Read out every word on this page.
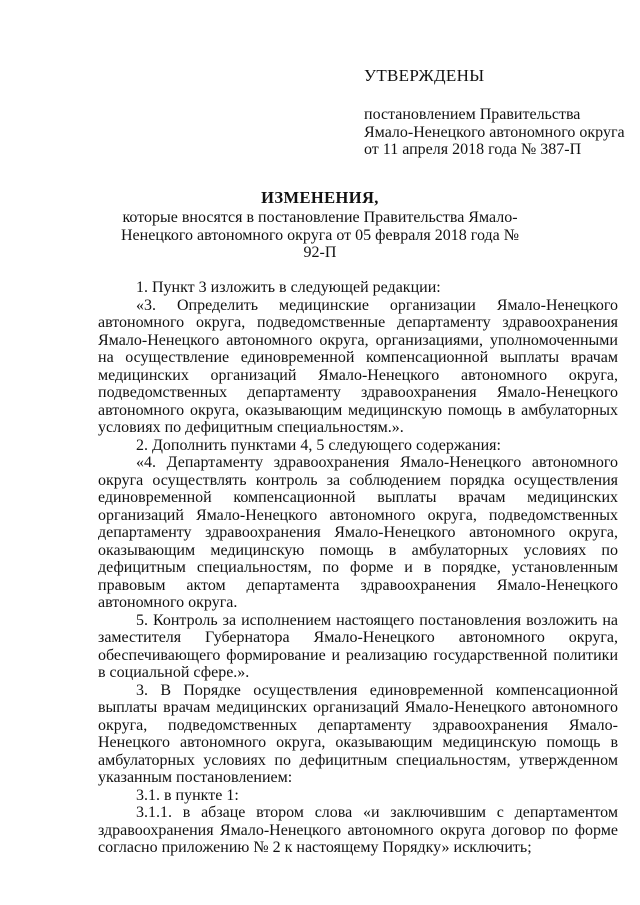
УТВЕРЖДЕНЫ
постановлением Правительства
Ямало-Ненецкого автономного округа
от 11 апреля 2018 года № 387-П
ИЗМЕНЕНИЯ,
которые вносятся в постановление Правительства Ямало-Ненецкого автономного округа от 05 февраля 2018 года № 92-П

1. Пункт 3 изложить в следующей редакции:

«3. Определить медицинские организации Ямало-Ненецкого автономного округа, подведомственные департаменту здравоохранения Ямало-Ненецкого автономного округа, организациями, уполномоченными на осуществление единовременной компенсационной выплаты врачам медицинских организаций Ямало-Ненецкого автономного округа, подведомственных департаменту здравоохранения Ямало-Ненецкого автономного округа, оказывающим медицинскую помощь в амбулаторных условиях по дефицитным специальностям.».

2. Дополнить пунктами 4, 5 следующего содержания:

«4. Департаменту здравоохранения Ямало-Ненецкого автономного округа осуществлять контроль за соблюдением порядка осуществления единовременной компенсационной выплаты врачам медицинских организаций Ямало-Ненецкого автономного округа, подведомственных департаменту здравоохранения Ямало-Ненецкого автономного округа, оказывающим медицинскую помощь в амбулаторных условиях по дефицитным специальностям, по форме и в порядке, установленным правовым актом департамента здравоохранения Ямало-Ненецкого автономного округа.

5. Контроль за исполнением настоящего постановления возложить на заместителя Губернатора Ямало-Ненецкого автономного округа, обеспечивающего формирование и реализацию государственной политики в социальной сфере.».

3. В Порядке осуществления единовременной компенсационной выплаты врачам медицинских организаций Ямало-Ненецкого автономного округа, подведомственных департаменту здравоохранения Ямало-Ненецкого автономного округа, оказывающим медицинскую помощь в амбулаторных условиях по дефицитным специальностям, утвержденном указанным постановлением:

3.1. в пункте 1:

3.1.1. в абзаце втором слова «и заключившим с департаментом здравоохранения Ямало-Ненецкого автономного округа договор по форме согласно приложению № 2 к настоящему Порядку» исключить;
